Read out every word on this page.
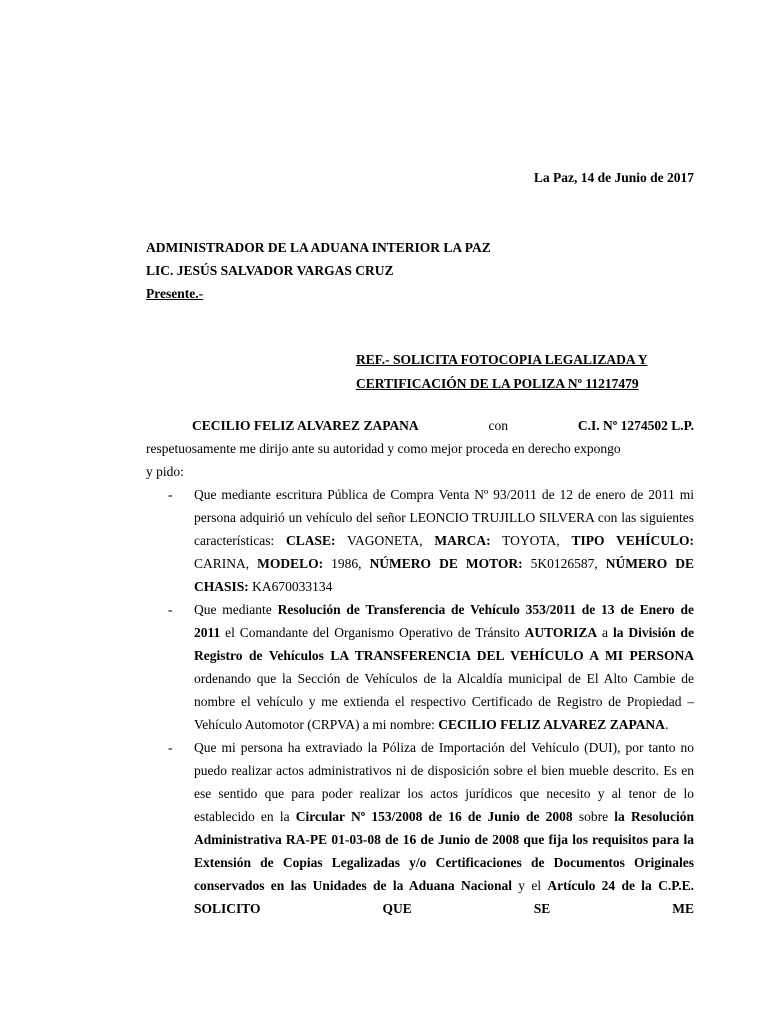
La Paz, 14 de Junio de 2017
ADMINISTRADOR DE LA ADUANA INTERIOR LA PAZ
LIC. JESÚS SALVADOR VARGAS CRUZ
Presente.-
REF.- SOLICITA FOTOCOPIA LEGALIZADA Y
CERTIFICACIÓN DE LA POLIZA Nº 11217479
CECILIO FELIZ ALVAREZ ZAPANA	con	C.I. Nº 1274502 L.P.

respetuosamente me dirijo ante su autoridad y como mejor proceda en derecho expongo

y pido:

- Que mediante escritura Pública de Compra Venta Nº 93/2011 de 12 de enero de 2011 mi persona adquirió un vehículo del señor LEONCIO TRUJILLO SILVERA con las siguientes características: CLASE: VAGONETA, MARCA: TOYOTA, TIPO VEHÍCULO: CARINA, MODELO: 1986, NÚMERO DE MOTOR: 5K0126587, NÚMERO DE CHASIS: KA670033134
- Que mediante Resolución de Transferencia de Vehículo 353/2011 de 13 de Enero de 2011 el Comandante del Organismo Operativo de Tránsito AUTORIZA a la División de Registro de Vehículos LA TRANSFERENCIA DEL VEHÍCULO A MI PERSONA ordenando que la Sección de Vehículos de la Alcaldía municipal de El Alto Cambie de nombre el vehículo y me extienda el respectivo Certificado de Registro de Propiedad – Vehículo Automotor (CRPVA) a mi nombre: CECILIO FELIZ ALVAREZ ZAPANA.
- Que mi persona ha extraviado la Póliza de Importación del Vehículo (DUI), por tanto no puedo realizar actos administrativos ni de disposición sobre el bien mueble descrito. Es en ese sentido que para poder realizar los actos jurídicos que necesito y al tenor de lo establecido en la Circular Nº 153/2008 de 16 de Junio de 2008 sobre la Resolución Administrativa RA-PE 01-03-08 de 16 de Junio de 2008 que fija los requisitos para la Extensión de Copias Legalizadas y/o Certificaciones de Documentos Originales conservados en las Unidades de la Aduana Nacional y el Artículo 24 de la C.P.E. SOLICITO QUE SE ME
